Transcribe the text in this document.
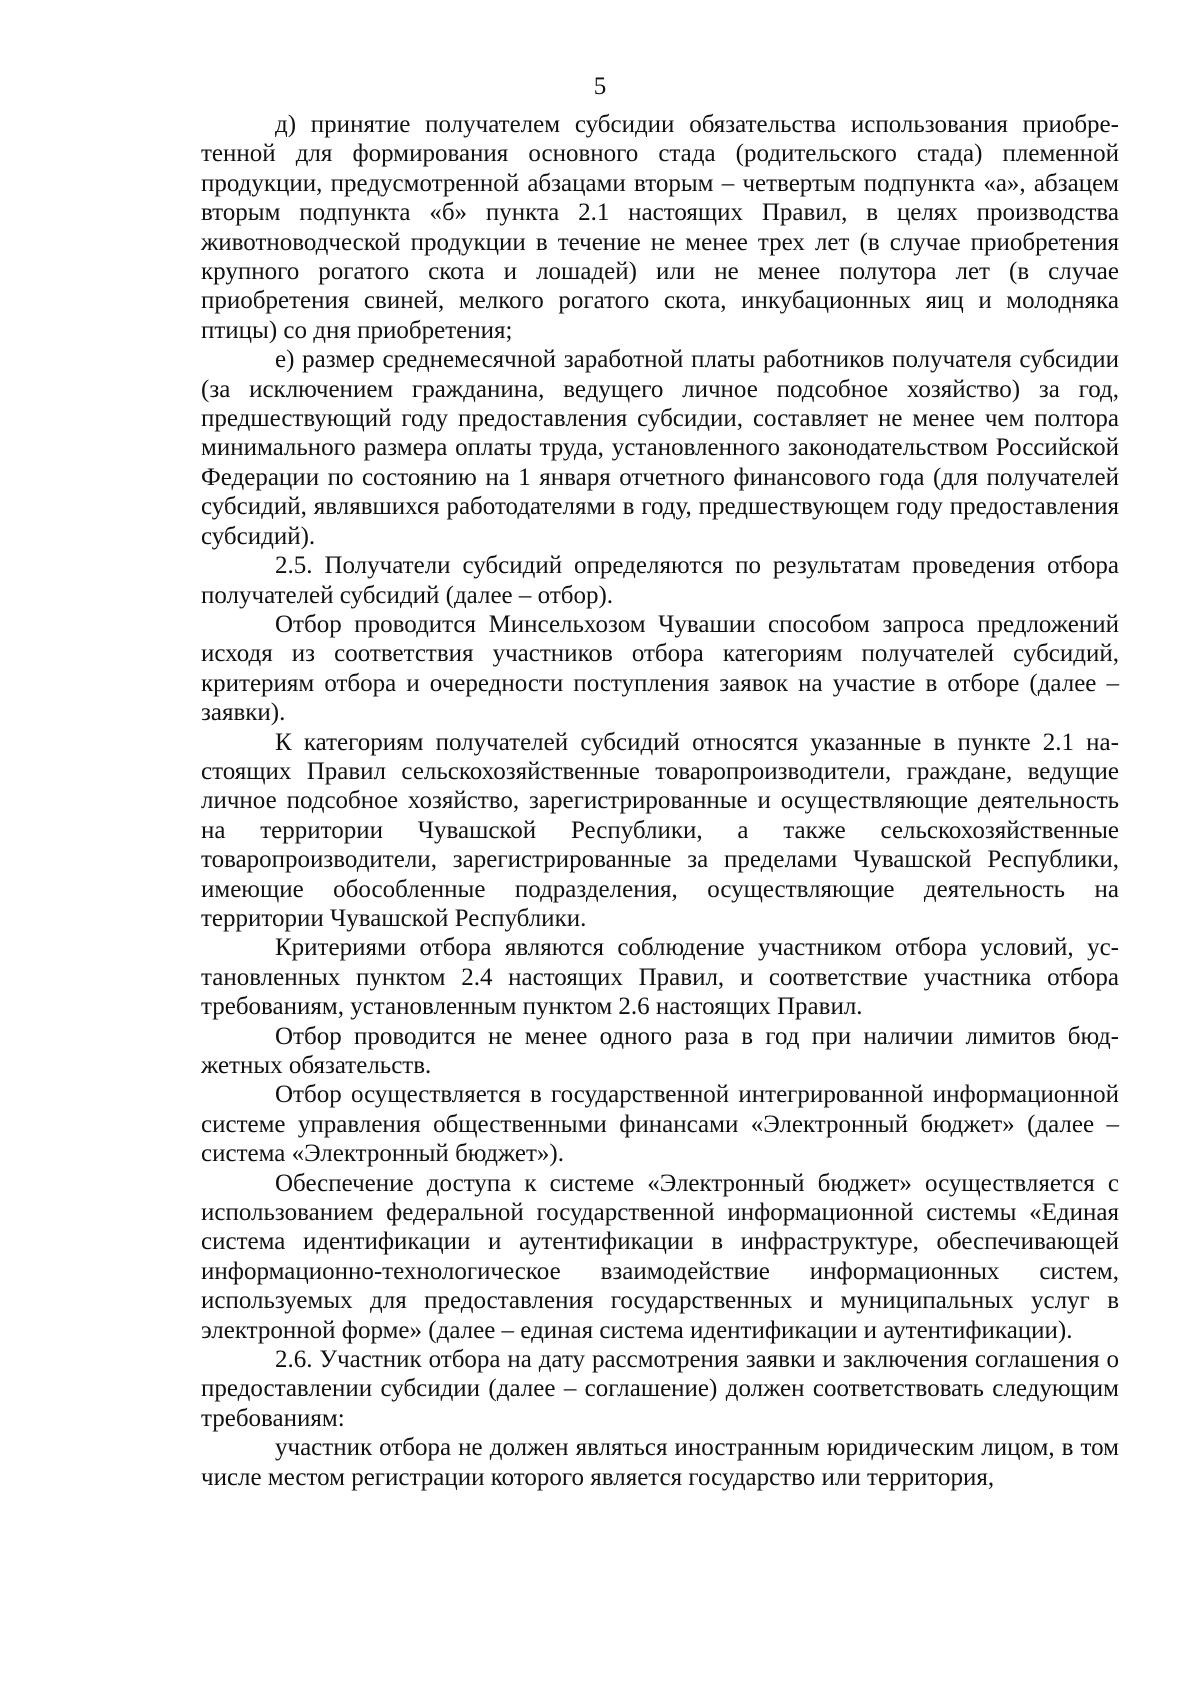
5

д) принятие получателем субсидии обязательства использования приобретенной для формирования основного стада (родительского стада) племенной продукции, предусмотренной абзацами вторым – четвертым подпункта «а», абзацем вторым подпункта «б» пункта 2.1 настоящих Правил, в целях производства животноводческой продукции в течение не менее трех лет (в случае приобретения крупного рогатого скота и лошадей) или не менее полутора лет (в случае приобретения свиней, мелкого рогатого скота, инкубационных яиц и молодняка птицы) со дня приобретения;

е) размер среднемесячной заработной платы работников получателя субсидии (за исключением гражданина, ведущего личное подсобное хозяйство) за год, предшествующий году предоставления субсидии, составляет не менее чем полтора минимального размера оплаты труда, установленного законодательством Российской Федерации по состоянию на 1 января отчетного финансового года (для получателей субсидий, являвшихся работодателями в году, предшествующем году предоставления субсидий).

2.5. Получатели субсидий определяются по результатам проведения отбора получателей субсидий (далее – отбор).

Отбор проводится Минсельхозом Чувашии способом запроса предложений исходя из соответствия участников отбора категориям получателей субсидий, критериям отбора и очередности поступления заявок на участие в отборе (далее – заявки).

К категориям получателей субсидий относятся указанные в пункте 2.1 настоящих Правил сельскохозяйственные товаропроизводители, граждане, ведущие личное подсобное хозяйство, зарегистрированные и осуществляющие деятельность на территории Чувашской Республики, а также сельскохозяйственные товаропроизводители, зарегистрированные за пределами Чувашской Республики, имеющие обособленные подразделения, осуществляющие деятельность на территории Чувашской Республики.

Критериями отбора являются соблюдение участником отбора условий, установленных пунктом 2.4 настоящих Правил, и соответствие участника отбора требованиям, установленным пунктом 2.6 настоящих Правил.

Отбор проводится не менее одного раза в год при наличии лимитов бюджетных обязательств.

Отбор осуществляется в государственной интегрированной информационной системе управления общественными финансами «Электронный бюджет» (далее – система «Электронный бюджет»).

Обеспечение доступа к системе «Электронный бюджет» осуществляется с использованием федеральной государственной информационной системы «Единая система идентификации и аутентификации в инфраструктуре, обеспечивающей информационно-технологическое взаимодействие информационных систем, используемых для предоставления государственных и муниципальных услуг в электронной форме» (далее – единая система идентификации и аутентификации).

2.6. Участник отбора на дату рассмотрения заявки и заключения соглашения о предоставлении субсидии (далее – соглашение) должен соответствовать следующим требованиям:

участник отбора не должен являться иностранным юридическим лицом, в том числе местом регистрации которого является государство или территория,
